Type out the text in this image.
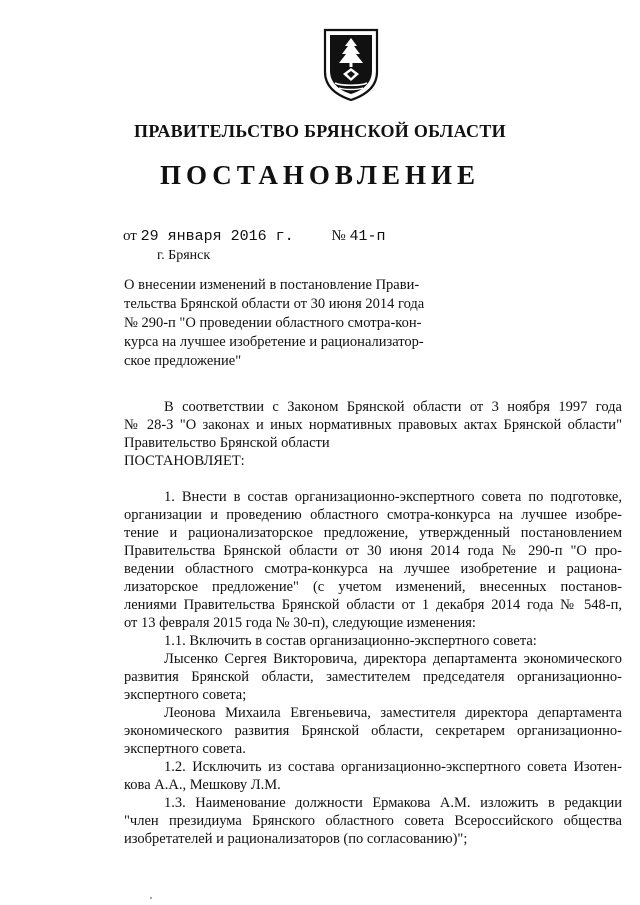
ПРАВИТЕЛЬСТВО БРЯНСКОЙ ОБЛАСТИ
ПОСТАНОВЛЕНИЕ
от 29 января 2016 г.	№ 41-п
г. Брянск
О внесении изменений в постановление Прави-
тельства Брянской области от 30 июня 2014 года
№ 290-п "О проведении областного смотра-кон-
курса на лучшее изобретение и рационализатор-
ское предложение"
В соответствии с Законом Брянской области от 3 ноября 1997 года
№ 28-З "О законах и иных нормативных правовых актах Брянской области"
Правительство Брянской области
ПОСТАНОВЛЯЕТ:
1. Внести в состав организационно-экспертного совета по подготовке,
организации и проведению областного смотра-конкурса на лучшее изобре-
тение и рационализаторское предложение, утвержденный постановлением
Правительства Брянской области от 30 июня 2014 года № 290-п "О про-
ведении областного смотра-конкурса на лучшее изобретение и рациона-
лизаторское предложение" (с учетом изменений, внесенных постанов-
лениями Правительства Брянской области от 1 декабря 2014 года № 548-п,
от 13 февраля 2015 года № 30-п), следующие изменения:
1.1. Включить в состав организационно-экспертного совета:
Лысенко Сергея Викторовича, директора департамента экономического
развития Брянской области, заместителем председателя организационно-
экспертного совета;
Леонова Михаила Евгеньевича, заместителя директора департамента
экономического развития Брянской области, секретарем организационно-
экспертного совета.
1.2. Исключить из состава организационно-экспертного совета Изотен-
кова А.А., Мешкову Л.М.
1.3. Наименование должности Ермакова А.М. изложить в редакции
"член президиума Брянского областного совета Всероссийского общества
изобретателей и рационализаторов (по согласованию)";
